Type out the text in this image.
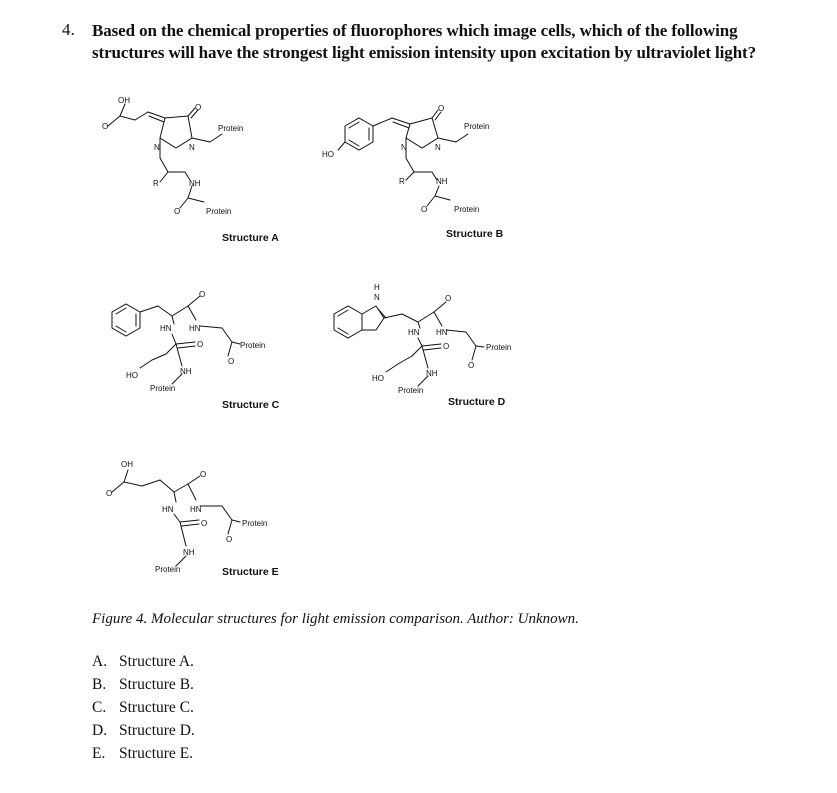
4. Based on the chemical properties of fluorophores which image cells, which of the following structures will have the strongest light emission intensity upon excitation by ultraviolet light?
OH
O
O
Protein
N	N
R	NH
O	Protein
Structure A
HO
O
Protein
N	N
R	NH
O	Protein
Structure B
O
HN HN
O	Protein
O
HO	NH
Protein
Structure C
H
N	O
HN HN
O	Protein
O
HO
NH
Protein
Structure D
OH
O
O
HN HN
O	Protein
O
NH
Protein	Structure E
Figure 4. Molecular structures for light emission comparison. Author: Unknown.
A. Structure A.
B. Structure B.
C. Structure C.
D. Structure D.
E. Structure E.
